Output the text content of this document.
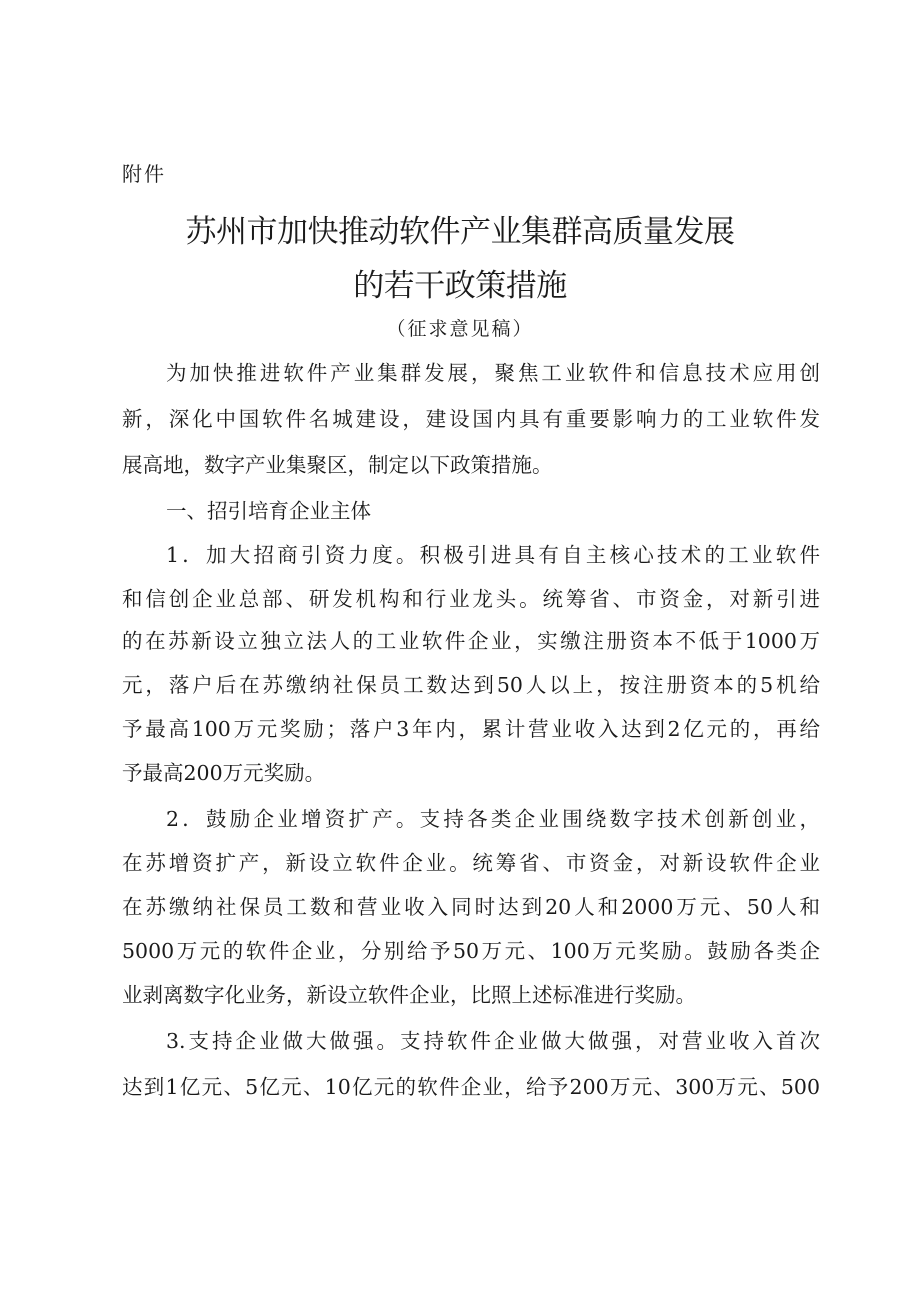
附件
苏州市加快推动软件产业集群高质量发展
的若干政策措施
（征求意见稿）
为加快推进软件产业集群发展，聚焦工业软件和信息技术应用创
新，深化中国软件名城建设，建设国内具有重要影响力的工业软件发
展高地，数字产业集聚区，制定以下政策措施。
一、招引培育企业主体
1．加大招商引资力度。积极引进具有自主核心技术的工业软件
和信创企业总部、研发机构和行业龙头。统筹省、市资金，对新引进
的在苏新设立独立法人的工业软件企业，实缴注册资本不低于1000万
元，落户后在苏缴纳社保员工数达到50人以上，按注册资本的5机给
予最高100万元奖励；落户3年内，累计营业收入达到2亿元的，再给
予最高200万元奖励。
2．鼓励企业增资扩产。支持各类企业围绕数字技术创新创业，
在苏增资扩产，新设立软件企业。统筹省、市资金，对新设软件企业
在苏缴纳社保员工数和营业收入同时达到20人和2000万元、50人和
5000万元的软件企业，分别给予50万元、100万元奖励。鼓励各类企
业剥离数字化业务，新设立软件企业，比照上述标准进行奖励。
3.支持企业做大做强。支持软件企业做大做强，对营业收入首次
达到1亿元、5亿元、10亿元的软件企业，给予200万元、300万元、500
